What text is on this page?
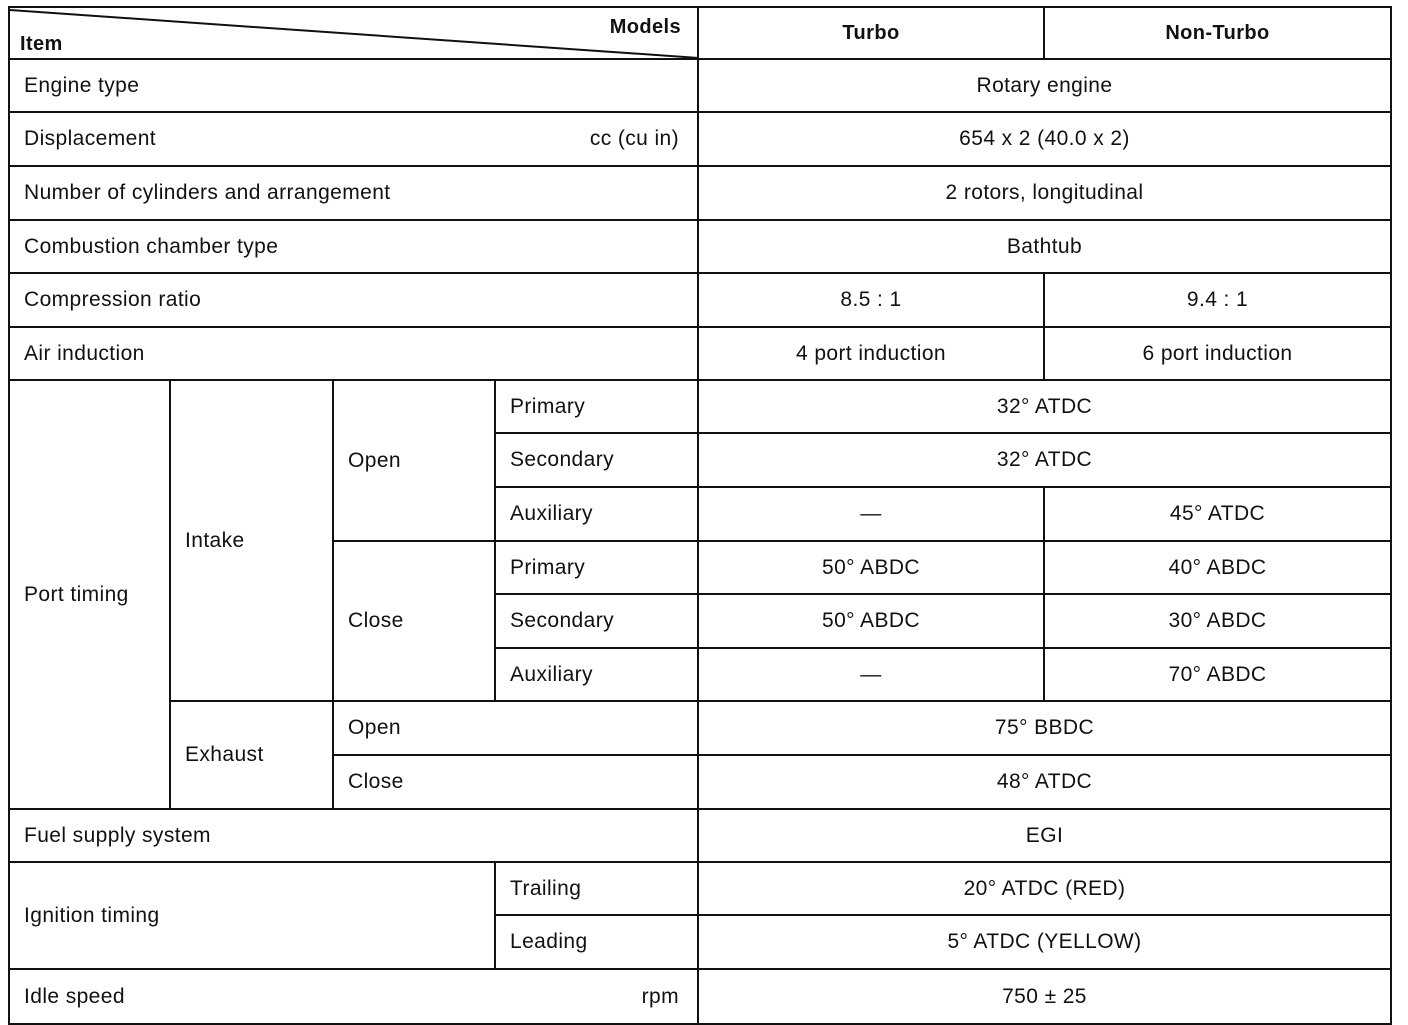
Item
Models				Turbo	Non-Turbo
Engine type				Rotary engine	

Displacement cc (cu in)				654 x 2 (40.0 x 2)	
Number of cylinders and arrangement				2 rotors, longitudinal	
Combustion chamber type				Bathtub	
Compression ratio				8.5 : 1	9.4 : 1
Air induction				4 port induction	6 port induction
Port timing	Intake	Open	Primary	32° ATDC	
			Secondary	32° ATDC	
			Auxiliary	—	45° ATDC
		Close	Primary	50° ABDC	40° ABDC
			Secondary	50° ABDC	30° ABDC
			Auxiliary	—	70° ABDC
	Exhaust	Open		75° BBDC	
		Close		48° ATDC	
Fuel supply system				EGI	
Ignition timing			Trailing	20° ATDC (RED)	
			Leading	5° ATDC (YELLOW)	

Idle speed rpm				750 ± 25	
